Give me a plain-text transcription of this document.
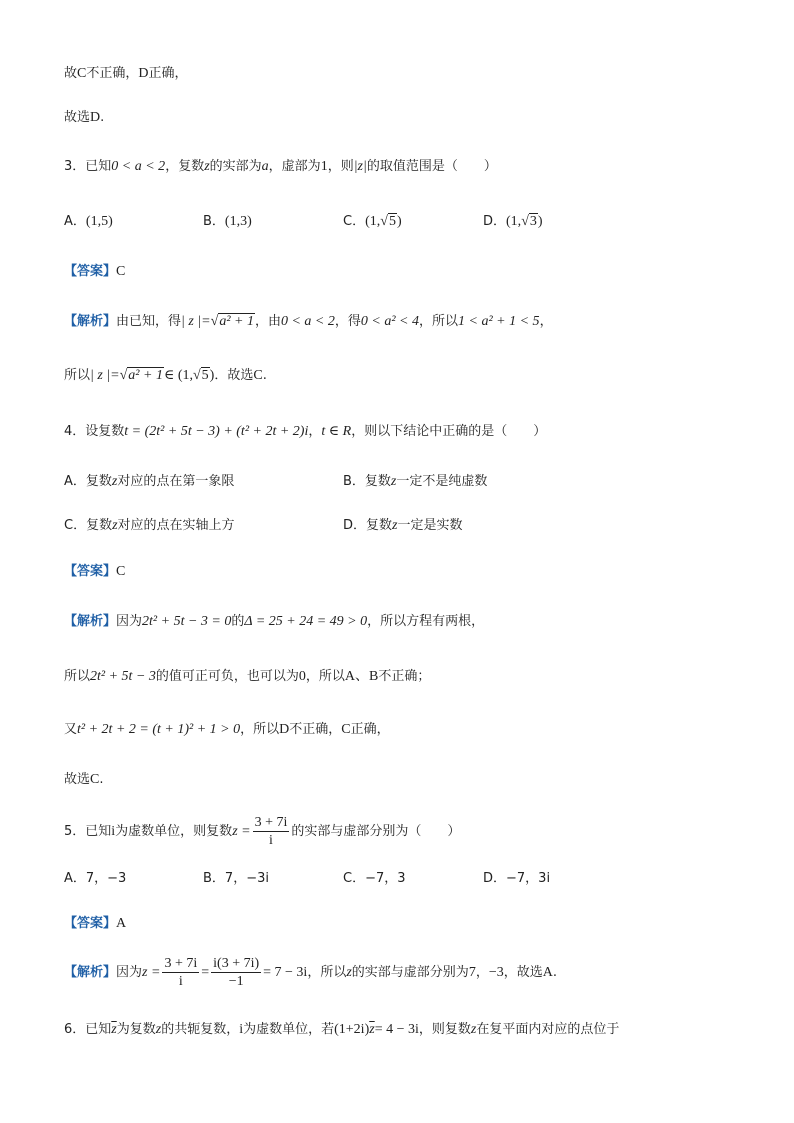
故C不正确，D正确，
故选D.
3．已知0 < a < 2，复数z的实部为a，虚部为1，则|z|的取值范围是（　　）
A．(1,5)	B．(1,3)	C．(1,√5)	D．(1,√3)
【答案】C
【解析】由已知，得| z |=√a² + 1，由0 < a < 2，得0 < a² < 4，所以1 < a² + 1 < 5，
所以| z |=√a² + 1∈ (1,√5)．故选C.
4．设复数t = (2t² + 5t − 3) + (t² + 2t + 2)i，t ∈ R，则以下结论中正确的是（　　）
A．复数z对应的点在第一象限	B．复数z一定不是纯虚数
C．复数z对应的点在实轴上方	D．复数z一定是实数
【答案】C
【解析】因为2t² + 5t − 3 = 0的Δ = 25 + 24 = 49 > 0，所以方程有两根，
所以2t² + 5t − 3的值可正可负，也可以为0，所以A、B不正确；
又t² + 2t + 2 = (t + 1)² + 1 > 0，所以D不正确，C正确，
故选C.
5．已知i为虚数单位，则复数$z = \frac{3 + 7i}{i}$ 的实部与虚部分别为（　　）
A．7，−3	B．7，−3i	C．−7，3	D．−7，3i
【答案】A
【解析】因为$z = \frac{3 + 7i}{i} = \frac{i(3 + 7i)}{-1} = 7 - 3i$，所以z的实部与虚部分别为7，−3，故选A.
6．已知$\overline{z}$为复数z的共轭复数，i为虚数单位，若$(1+2i)\overline{z}= 4 - 3i$，则复数z在复平面内对应的点位于
